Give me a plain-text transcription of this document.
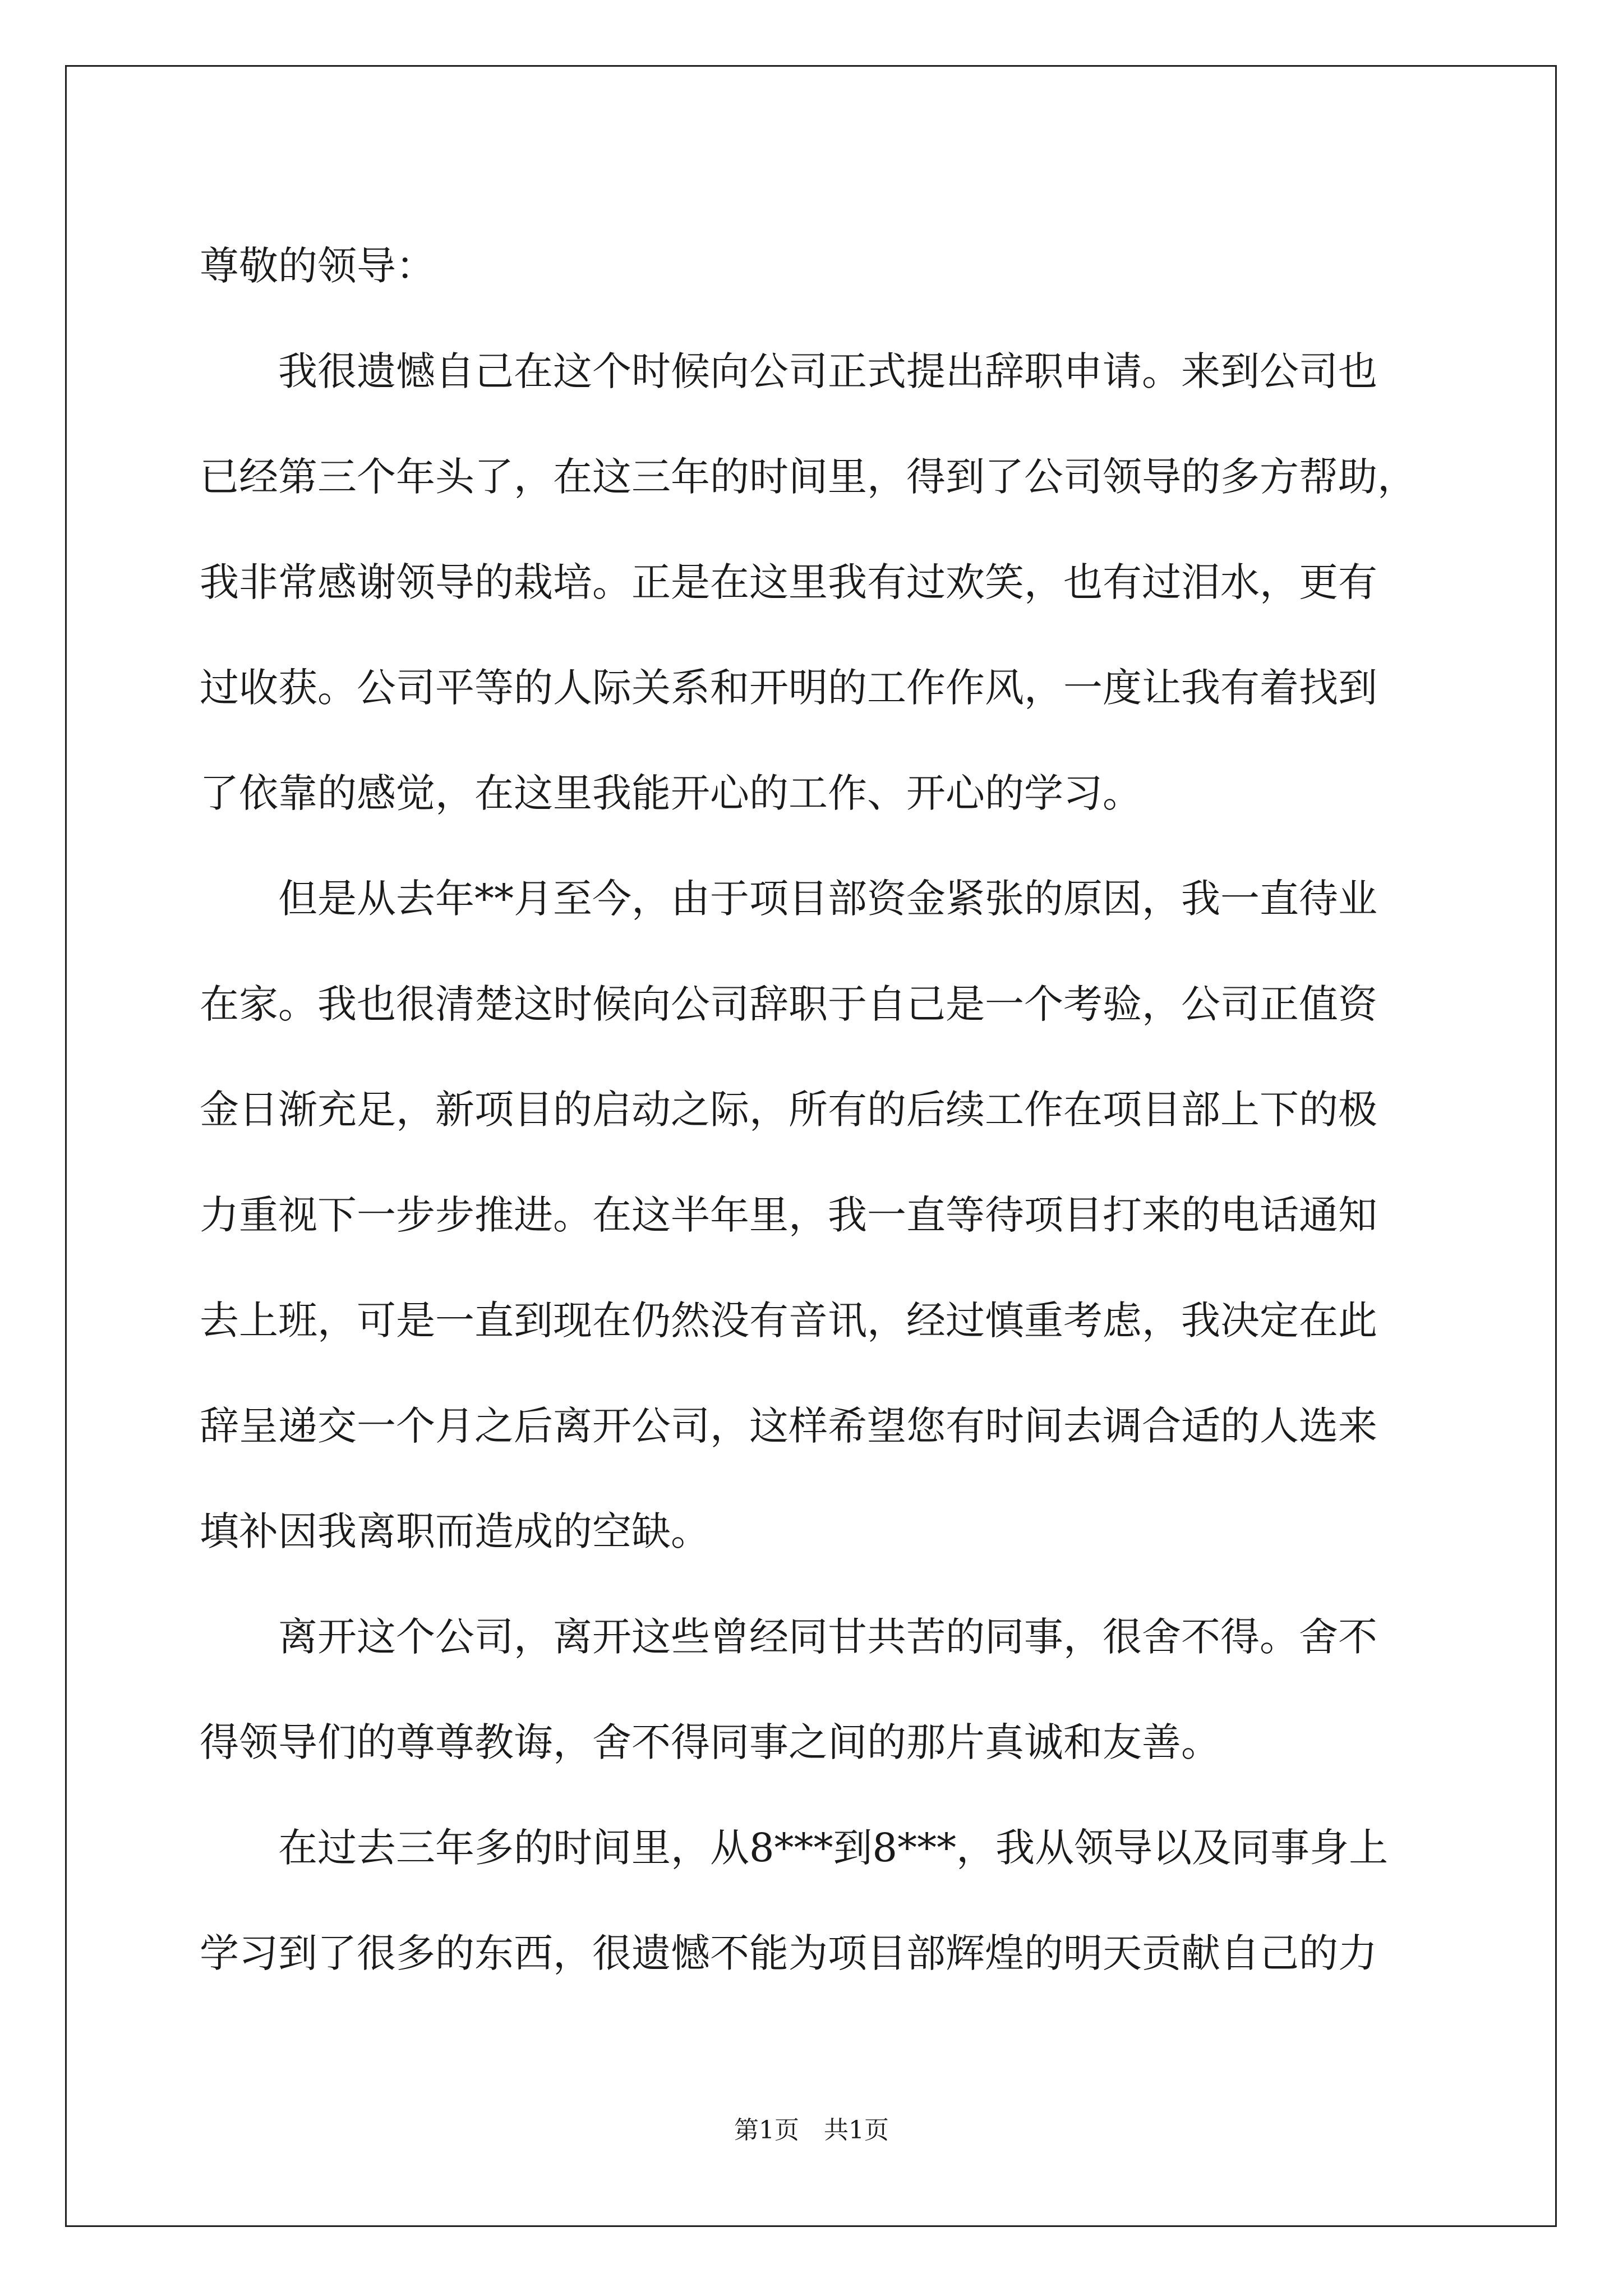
尊敬的领导：
我很遗憾自己在这个时候向公司正式提出辞职申请。来到公司也
已经第三个年头了，在这三年的时间里，得到了公司领导的多方帮助，
我非常感谢领导的栽培。正是在这里我有过欢笑，也有过泪水，更有
过收获。公司平等的人际关系和开明的工作作风，一度让我有着找到
了依靠的感觉，在这里我能开心的工作、开心的学习。
但是从去年**月至今，由于项目部资金紧张的原因，我一直待业
在家。我也很清楚这时候向公司辞职于自己是一个考验，公司正值资
金日渐充足，新项目的启动之际，所有的后续工作在项目部上下的极
力重视下一步步推进。在这半年里，我一直等待项目打来的电话通知
去上班，可是一直到现在仍然没有音讯，经过慎重考虑，我决定在此
辞呈递交一个月之后离开公司，这样希望您有时间去调合适的人选来
填补因我离职而造成的空缺。
离开这个公司，离开这些曾经同甘共苦的同事，很舍不得。舍不
得领导们的尊尊教诲，舍不得同事之间的那片真诚和友善。
在过去三年多的时间里，从8***到8***，我从领导以及同事身上
学习到了很多的东西，很遗憾不能为项目部辉煌的明天贡献自己的力
第1页　共1页
